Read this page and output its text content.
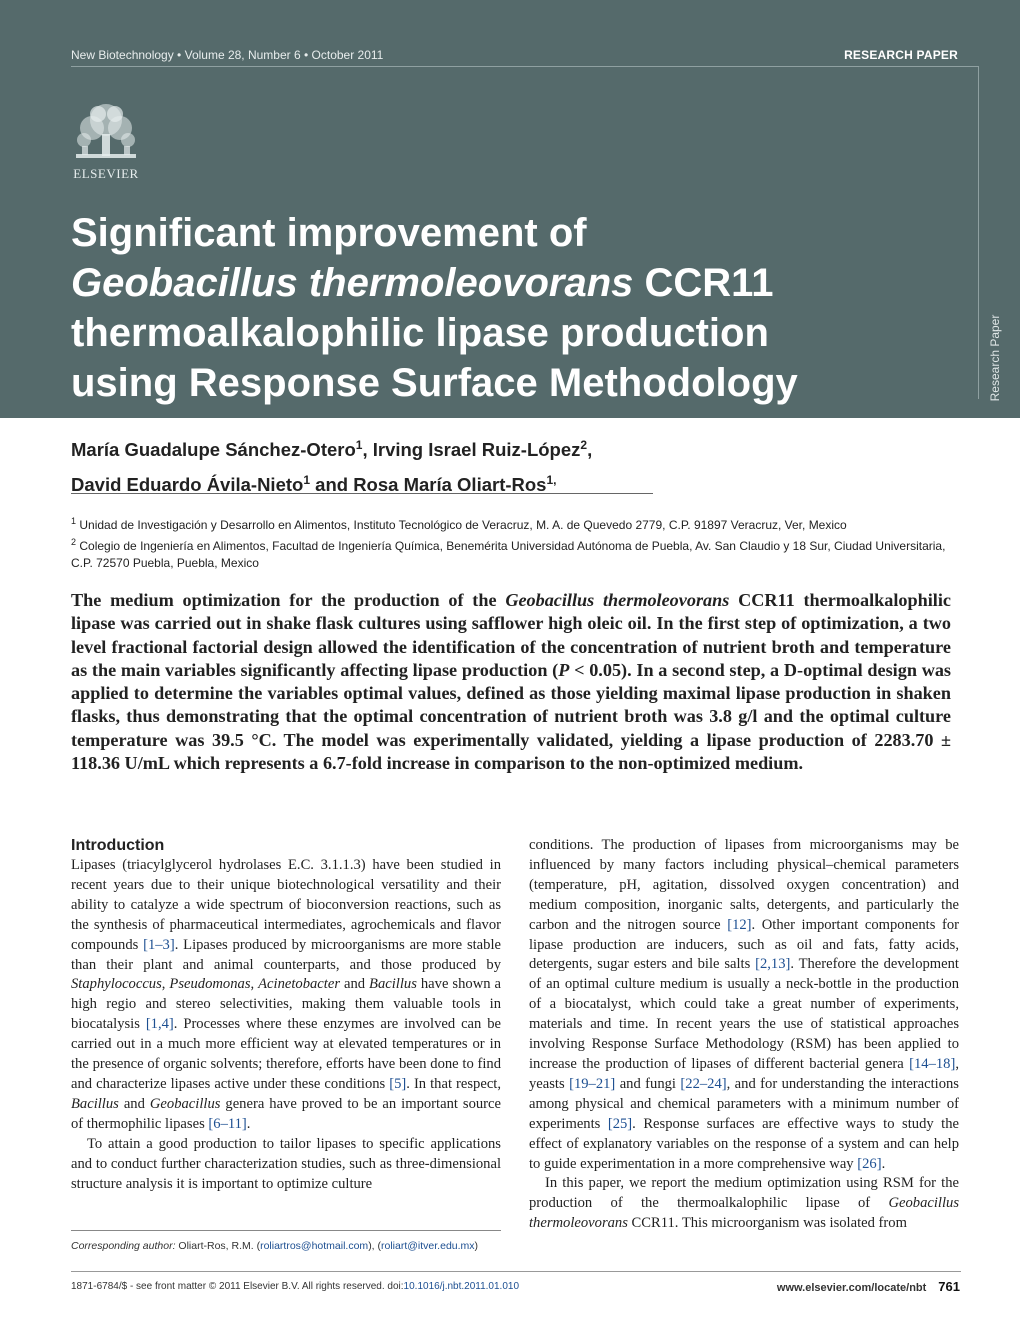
New Biotechnology • Volume 28, Number 6 • October 2011	RESEARCH PAPER
Research Paper
ELSEVIER
Significant improvement of
Geobacillus thermoleovorans CCR11
thermoalkalophilic lipase production
using Response Surface Methodology
María Guadalupe Sánchez-Otero$^1$, Irving Israel Ruiz-López$^2$,
David Eduardo Ávila-Nieto$^1$ and Rosa María Oliart-Ros$^{1,}$

$^1$ Unidad de Investigación y Desarrollo en Alimentos, Instituto Tecnológico de Veracruz, M. A. de Quevedo 2779, C.P. 91897 Veracruz, Ver, Mexico

$^2$ Colegio de Ingeniería en Alimentos, Facultad de Ingeniería Química, Benemérita Universidad Autónoma de Puebla, Av. San Claudio y 18 Sur, Ciudad Universitaria, C.P. 72570 Puebla, Puebla, Mexico

The medium optimization for the production of the Geobacillus thermoleovorans CCR11 thermoalkalophilic lipase was carried out in shake flask cultures using safflower high oleic oil. In the first step of optimization, a two level fractional factorial design allowed the identification of the concentration of nutrient broth and temperature as the main variables significantly affecting lipase production (P < 0.05). In a second step, a D-optimal design was applied to determine the variables optimal values, defined as those yielding maximal lipase production in shaken flasks, thus demonstrating that the optimal concentration of nutrient broth was 3.8 g/l and the optimal culture temperature was 39.5 °C. The model was experimentally validated, yielding a lipase production of 2283.70 ± 118.36 U/mL which represents a 6.7-fold increase in comparison to the non-optimized medium.

Introduction

Lipases (triacylglycerol hydrolases E.C. 3.1.1.3) have been studied in recent years due to their unique biotechnological versatility and their ability to catalyze a wide spectrum of bioconversion reactions, such as the synthesis of pharmaceutical intermediates, agrochemicals and flavor compounds [1–3]. Lipases produced by microorganisms are more stable than their plant and animal counterparts, and those produced by Staphylococcus, Pseudomonas, Acinetobacter and Bacillus have shown a high regio and stereo selectivities, making them valuable tools in biocatalysis [1,4]. Processes where these enzymes are involved can be carried out in a much more efficient way at elevated temperatures or in the presence of organic solvents; therefore, efforts have been done to find and characterize lipases active under these conditions [5]. In that respect, Bacillus and Geobacillus genera have proved to be an important source of thermophilic lipases [6–11].

To attain a good production to tailor lipases to specific applications and to conduct further characterization studies, such as three-dimensional structure analysis it is important to optimize culture

conditions. The production of lipases from microorganisms may be influenced by many factors including physical–chemical parameters (temperature, pH, agitation, dissolved oxygen concentration) and medium composition, inorganic salts, detergents, and particularly the carbon and the nitrogen source [12]. Other important components for lipase production are inducers, such as oil and fats, fatty acids, detergents, sugar esters and bile salts [2,13]. Therefore the development of an optimal culture medium is usually a neck-bottle in the production of a biocatalyst, which could take a great number of experiments, materials and time. In recent years the use of statistical approaches involving Response Surface Methodology (RSM) has been applied to increase the production of lipases of different bacterial genera [14–18], yeasts [19–21] and fungi [22–24], and for understanding the interactions among physical and chemical parameters with a minimum number of experiments [25]. Response surfaces are effective ways to study the effect of explanatory variables on the response of a system and can help to guide experimentation in a more comprehensive way [26].

In this paper, we report the medium optimization using RSM for the production of the thermoalkalophilic lipase of Geobacillus thermoleovorans CCR11. This microorganism was isolated from

Corresponding author: Oliart-Ros, R.M. (roliartros@hotmail.com), (roliart@itver.edu.mx)
1871-6784/$ - see front matter © 2011 Elsevier B.V. All rights reserved. doi:10.1016/j.nbt.2011.01.010	www.elsevier.com/locate/nbt 761
